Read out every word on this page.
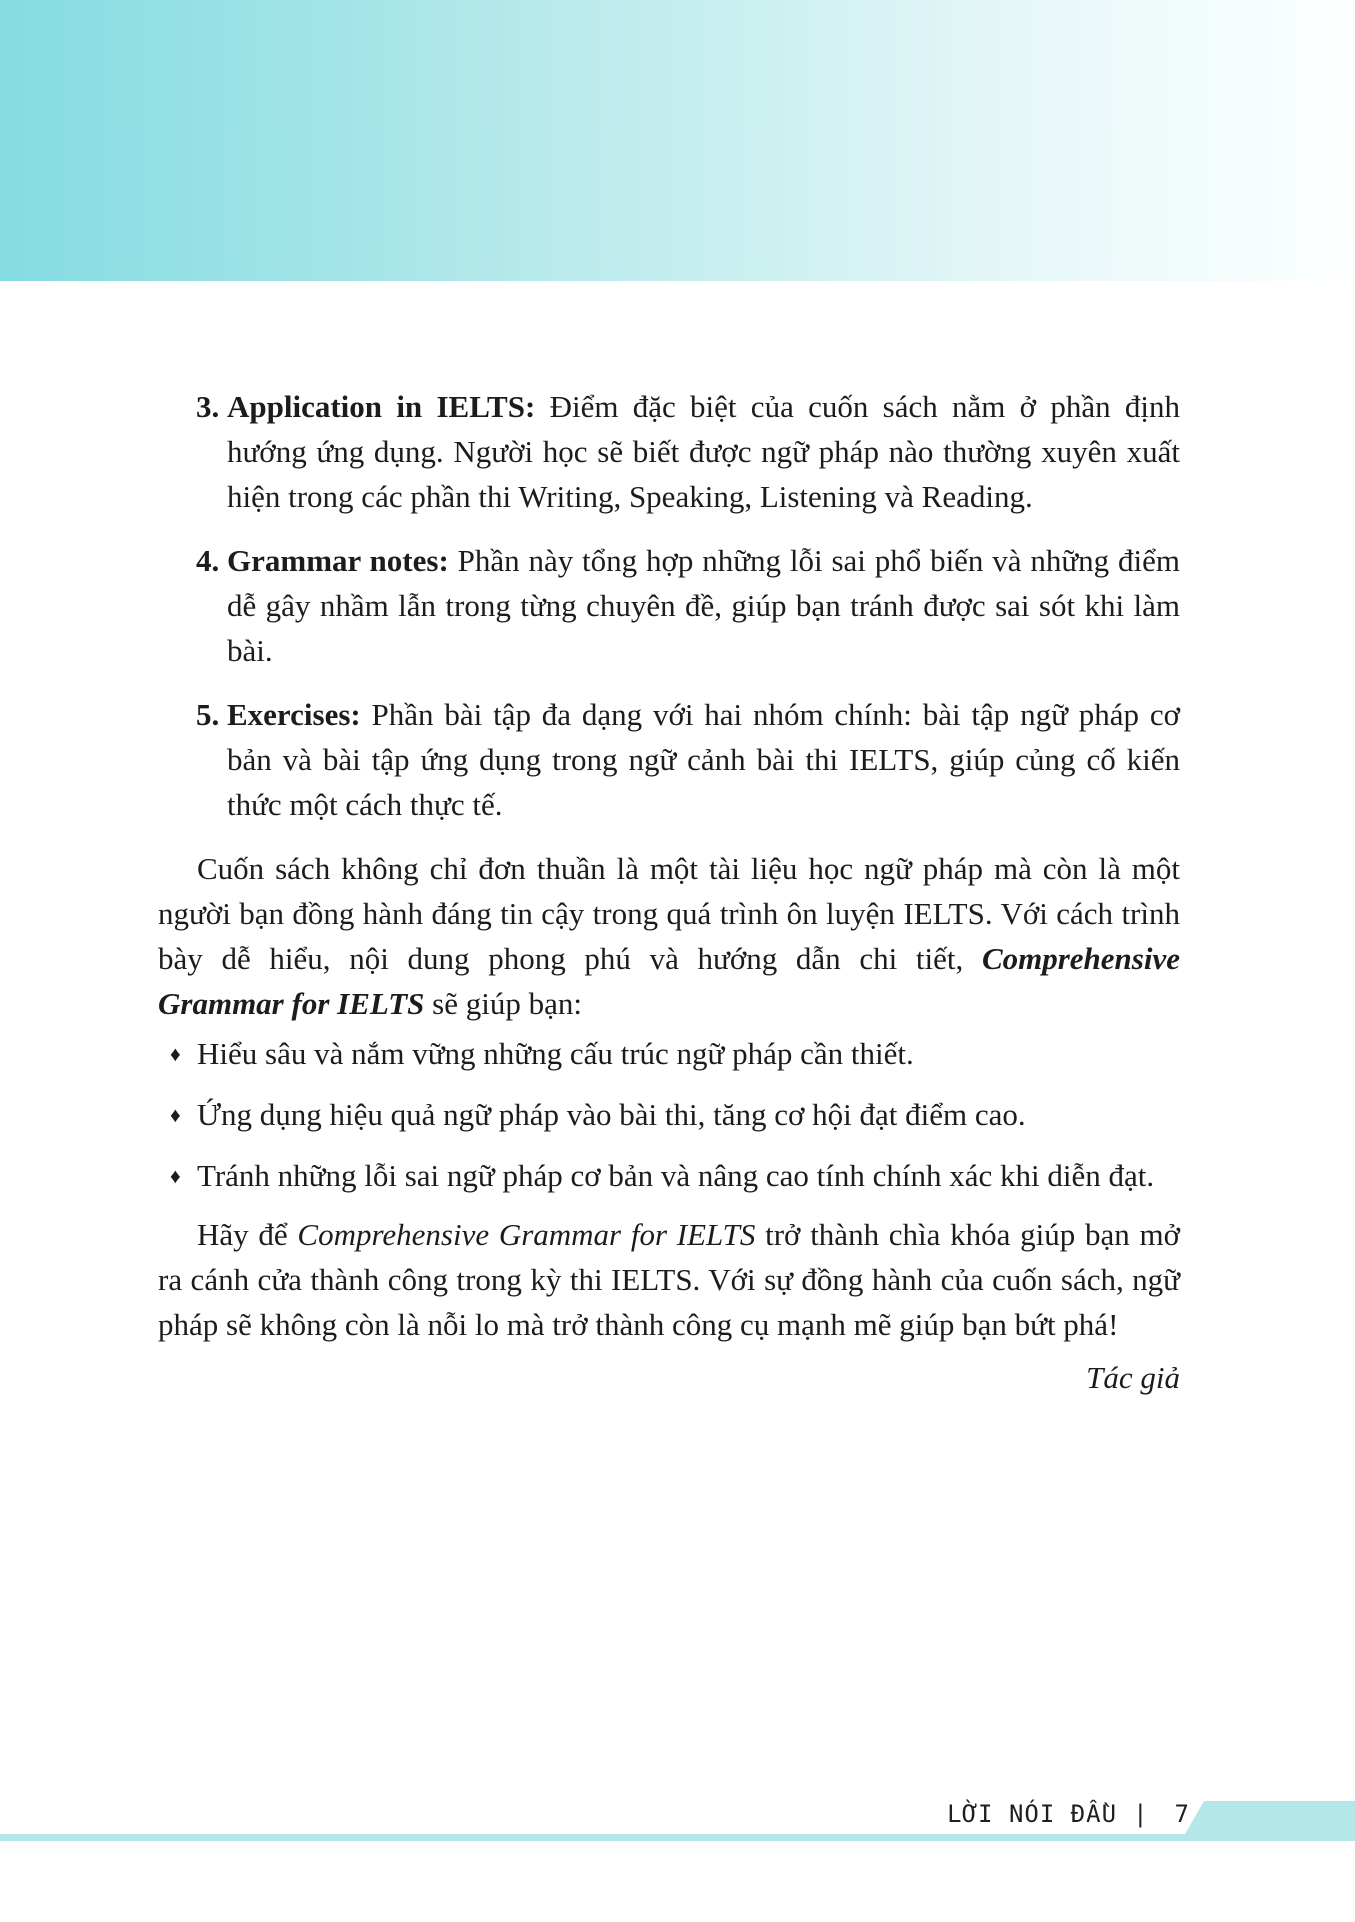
3. Application in IELTS: Điểm đặc biệt của cuốn sách nằm ở phần định hướng ứng dụng. Người học sẽ biết được ngữ pháp nào thường xuyên xuất hiện trong các phần thi Writing, Speaking, Listening và Reading.
4. Grammar notes: Phần này tổng hợp những lỗi sai phổ biến và những điểm dễ gây nhầm lẫn trong từng chuyên đề, giúp bạn tránh được sai sót khi làm bài.
5. Exercises: Phần bài tập đa dạng với hai nhóm chính: bài tập ngữ pháp cơ bản và bài tập ứng dụng trong ngữ cảnh bài thi IELTS, giúp củng cố kiến thức một cách thực tế.

Cuốn sách không chỉ đơn thuần là một tài liệu học ngữ pháp mà còn là một người bạn đồng hành đáng tin cậy trong quá trình ôn luyện IELTS. Với cách trình bày dễ hiểu, nội dung phong phú và hướng dẫn chi tiết, Comprehensive Grammar for IELTS sẽ giúp bạn:

♦ Hiểu sâu và nắm vững những cấu trúc ngữ pháp cần thiết.
♦ Ứng dụng hiệu quả ngữ pháp vào bài thi, tăng cơ hội đạt điểm cao.
♦ Tránh những lỗi sai ngữ pháp cơ bản và nâng cao tính chính xác khi diễn đạt.

Hãy để Comprehensive Grammar for IELTS trở thành chìa khóa giúp bạn mở ra cánh cửa thành công trong kỳ thi IELTS. Với sự đồng hành của cuốn sách, ngữ pháp sẽ không còn là nỗi lo mà trở thành công cụ mạnh mẽ giúp bạn bứt phá!

Tác giả

LỜI NÓI ĐẦU | 7
